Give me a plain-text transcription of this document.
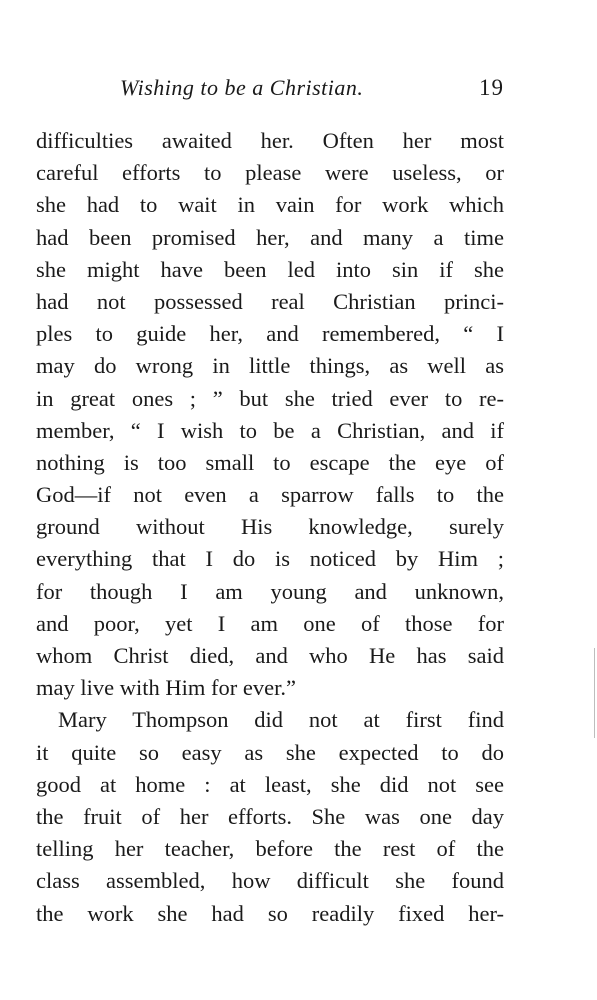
Wishing to be a Christian.	19
difficulties awaited her. Often her most
careful efforts to please were useless, or
she had to wait in vain for work which
had been promised her, and many a time
she might have been led into sin if she
had not possessed real Christian princi-
ples to guide her, and remembered, “ I
may do wrong in little things, as well as
in great ones ; ” but she tried ever to re-
member, “ I wish to be a Christian, and if
nothing is too small to escape the eye of
God—if not even a sparrow falls to the
ground without His knowledge, surely
everything that I do is noticed by Him ;
for though I am young and unknown,
and poor, yet I am one of those for
whom Christ died, and who He has said
may live with Him for ever.”
Mary Thompson did not at first find
it quite so easy as she expected to do
good at home : at least, she did not see
the fruit of her efforts. She was one day
telling her teacher, before the rest of the
class assembled, how difficult she found
the work she had so readily fixed her-
